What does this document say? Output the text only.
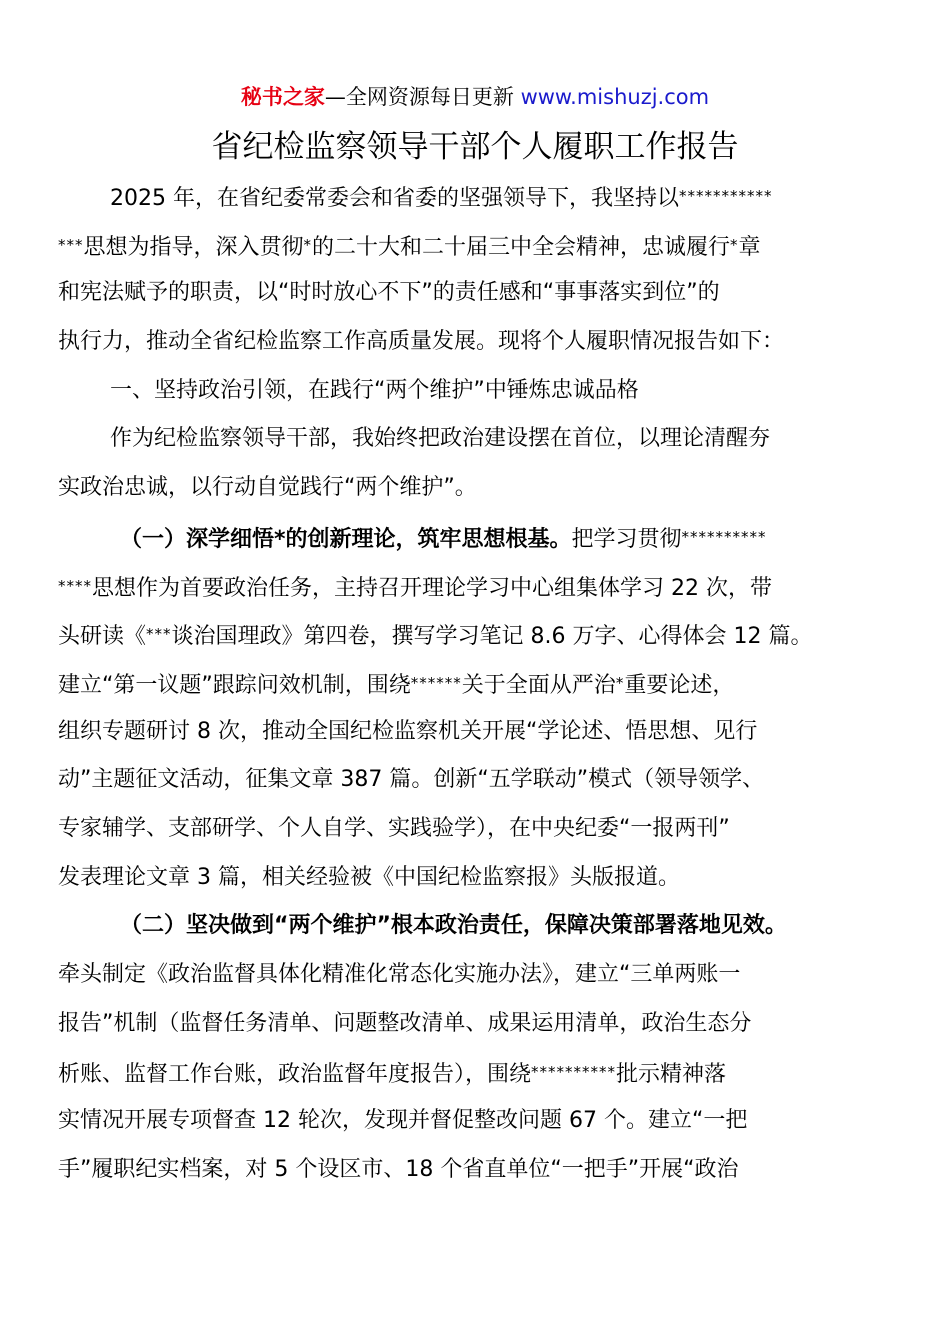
秘书之家—全网资源每日更新 www.mishuzj.com
省纪检监察领导干部个人履职工作报告
2025 年，在省纪委常委会和省委的坚强领导下，我坚持以***********
***思想为指导，深入贯彻*的二十大和二十届三中全会精神，忠诚履行*章
和宪法赋予的职责，以“时时放心不下”的责任感和“事事落实到位”的
执行力，推动全省纪检监察工作高质量发展。现将个人履职情况报告如下：
一、坚持政治引领，在践行“两个维护”中锤炼忠诚品格
作为纪检监察领导干部，我始终把政治建设摆在首位，以理论清醒夯
实政治忠诚，以行动自觉践行“两个维护”。
（一）深学细悟*的创新理论，筑牢思想根基。把学习贯彻**********
****思想作为首要政治任务，主持召开理论学习中心组集体学习 22 次，带
头研读《***谈治国理政》第四卷，撰写学习笔记 8.6 万字、心得体会 12 篇。
建立“第一议题”跟踪问效机制，围绕******关于全面从严治*重要论述，
组织专题研讨 8 次，推动全国纪检监察机关开展“学论述、悟思想、见行
动”主题征文活动，征集文章 387 篇。创新“五学联动”模式（领导领学、
专家辅学、支部研学、个人自学、实践验学），在中央纪委“一报两刊”
发表理论文章 3 篇，相关经验被《中国纪检监察报》头版报道。
（二）坚决做到“两个维护”根本政治责任，保障决策部署落地见效。
牵头制定《政治监督具体化精准化常态化实施办法》，建立“三单两账一
报告”机制（监督任务清单、问题整改清单、成果运用清单，政治生态分
析账、监督工作台账，政治监督年度报告），围绕**********批示精神落
实情况开展专项督查 12 轮次，发现并督促整改问题 67 个。建立“一把
手”履职纪实档案，对 5 个设区市、18 个省直单位“一把手”开展“政治
